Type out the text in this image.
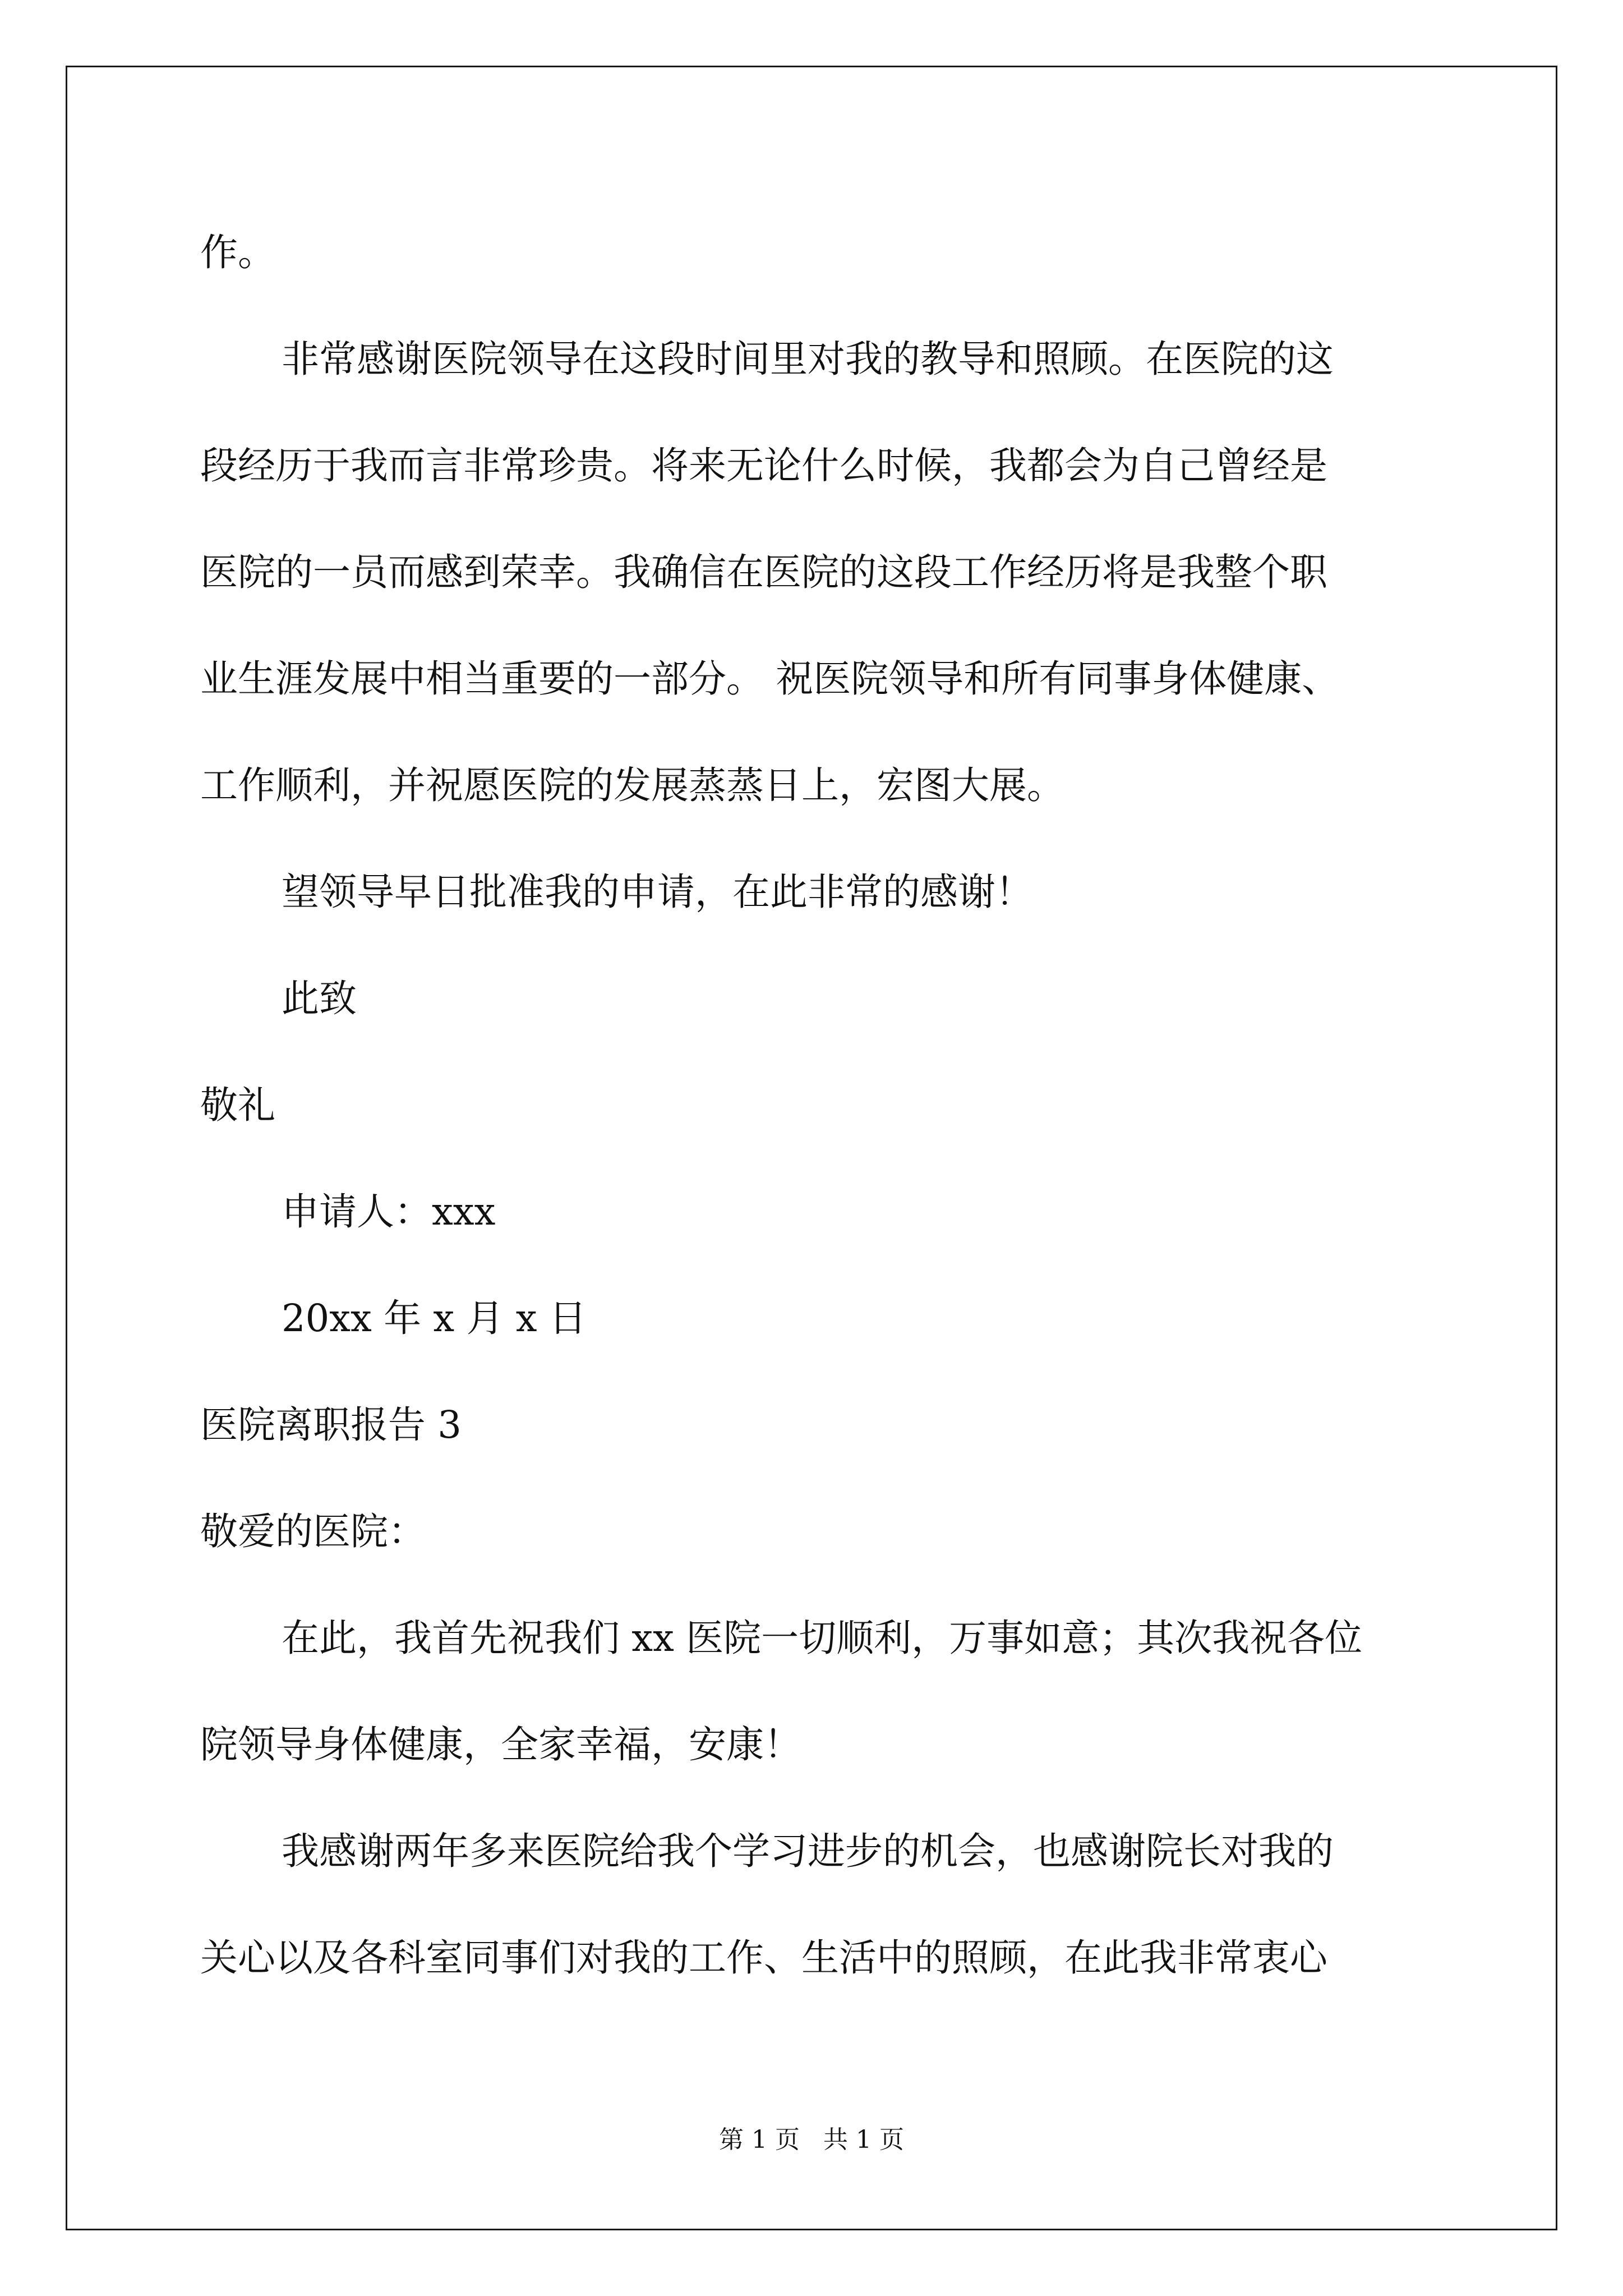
作。
非常感谢医院领导在这段时间里对我的教导和照顾。在医院的这
段经历于我而言非常珍贵。将来无论什么时候，我都会为自己曾经是
医院的一员而感到荣幸。我确信在医院的这段工作经历将是我整个职
业生涯发展中相当重要的一部分。 祝医院领导和所有同事身体健康、
工作顺利，并祝愿医院的发展蒸蒸日上，宏图大展。
望领导早日批准我的申请，在此非常的感谢！
此致
敬礼
申请人：xxx
20xx 年 x 月 x 日
医院离职报告 3
敬爱的医院：
在此，我首先祝我们 xx 医院一切顺利，万事如意；其次我祝各位
院领导身体健康，全家幸福，安康！
我感谢两年多来医院给我个学习进步的机会，也感谢院长对我的
关心以及各科室同事们对我的工作、生活中的照顾，在此我非常衷心
第 1 页   共 1 页
